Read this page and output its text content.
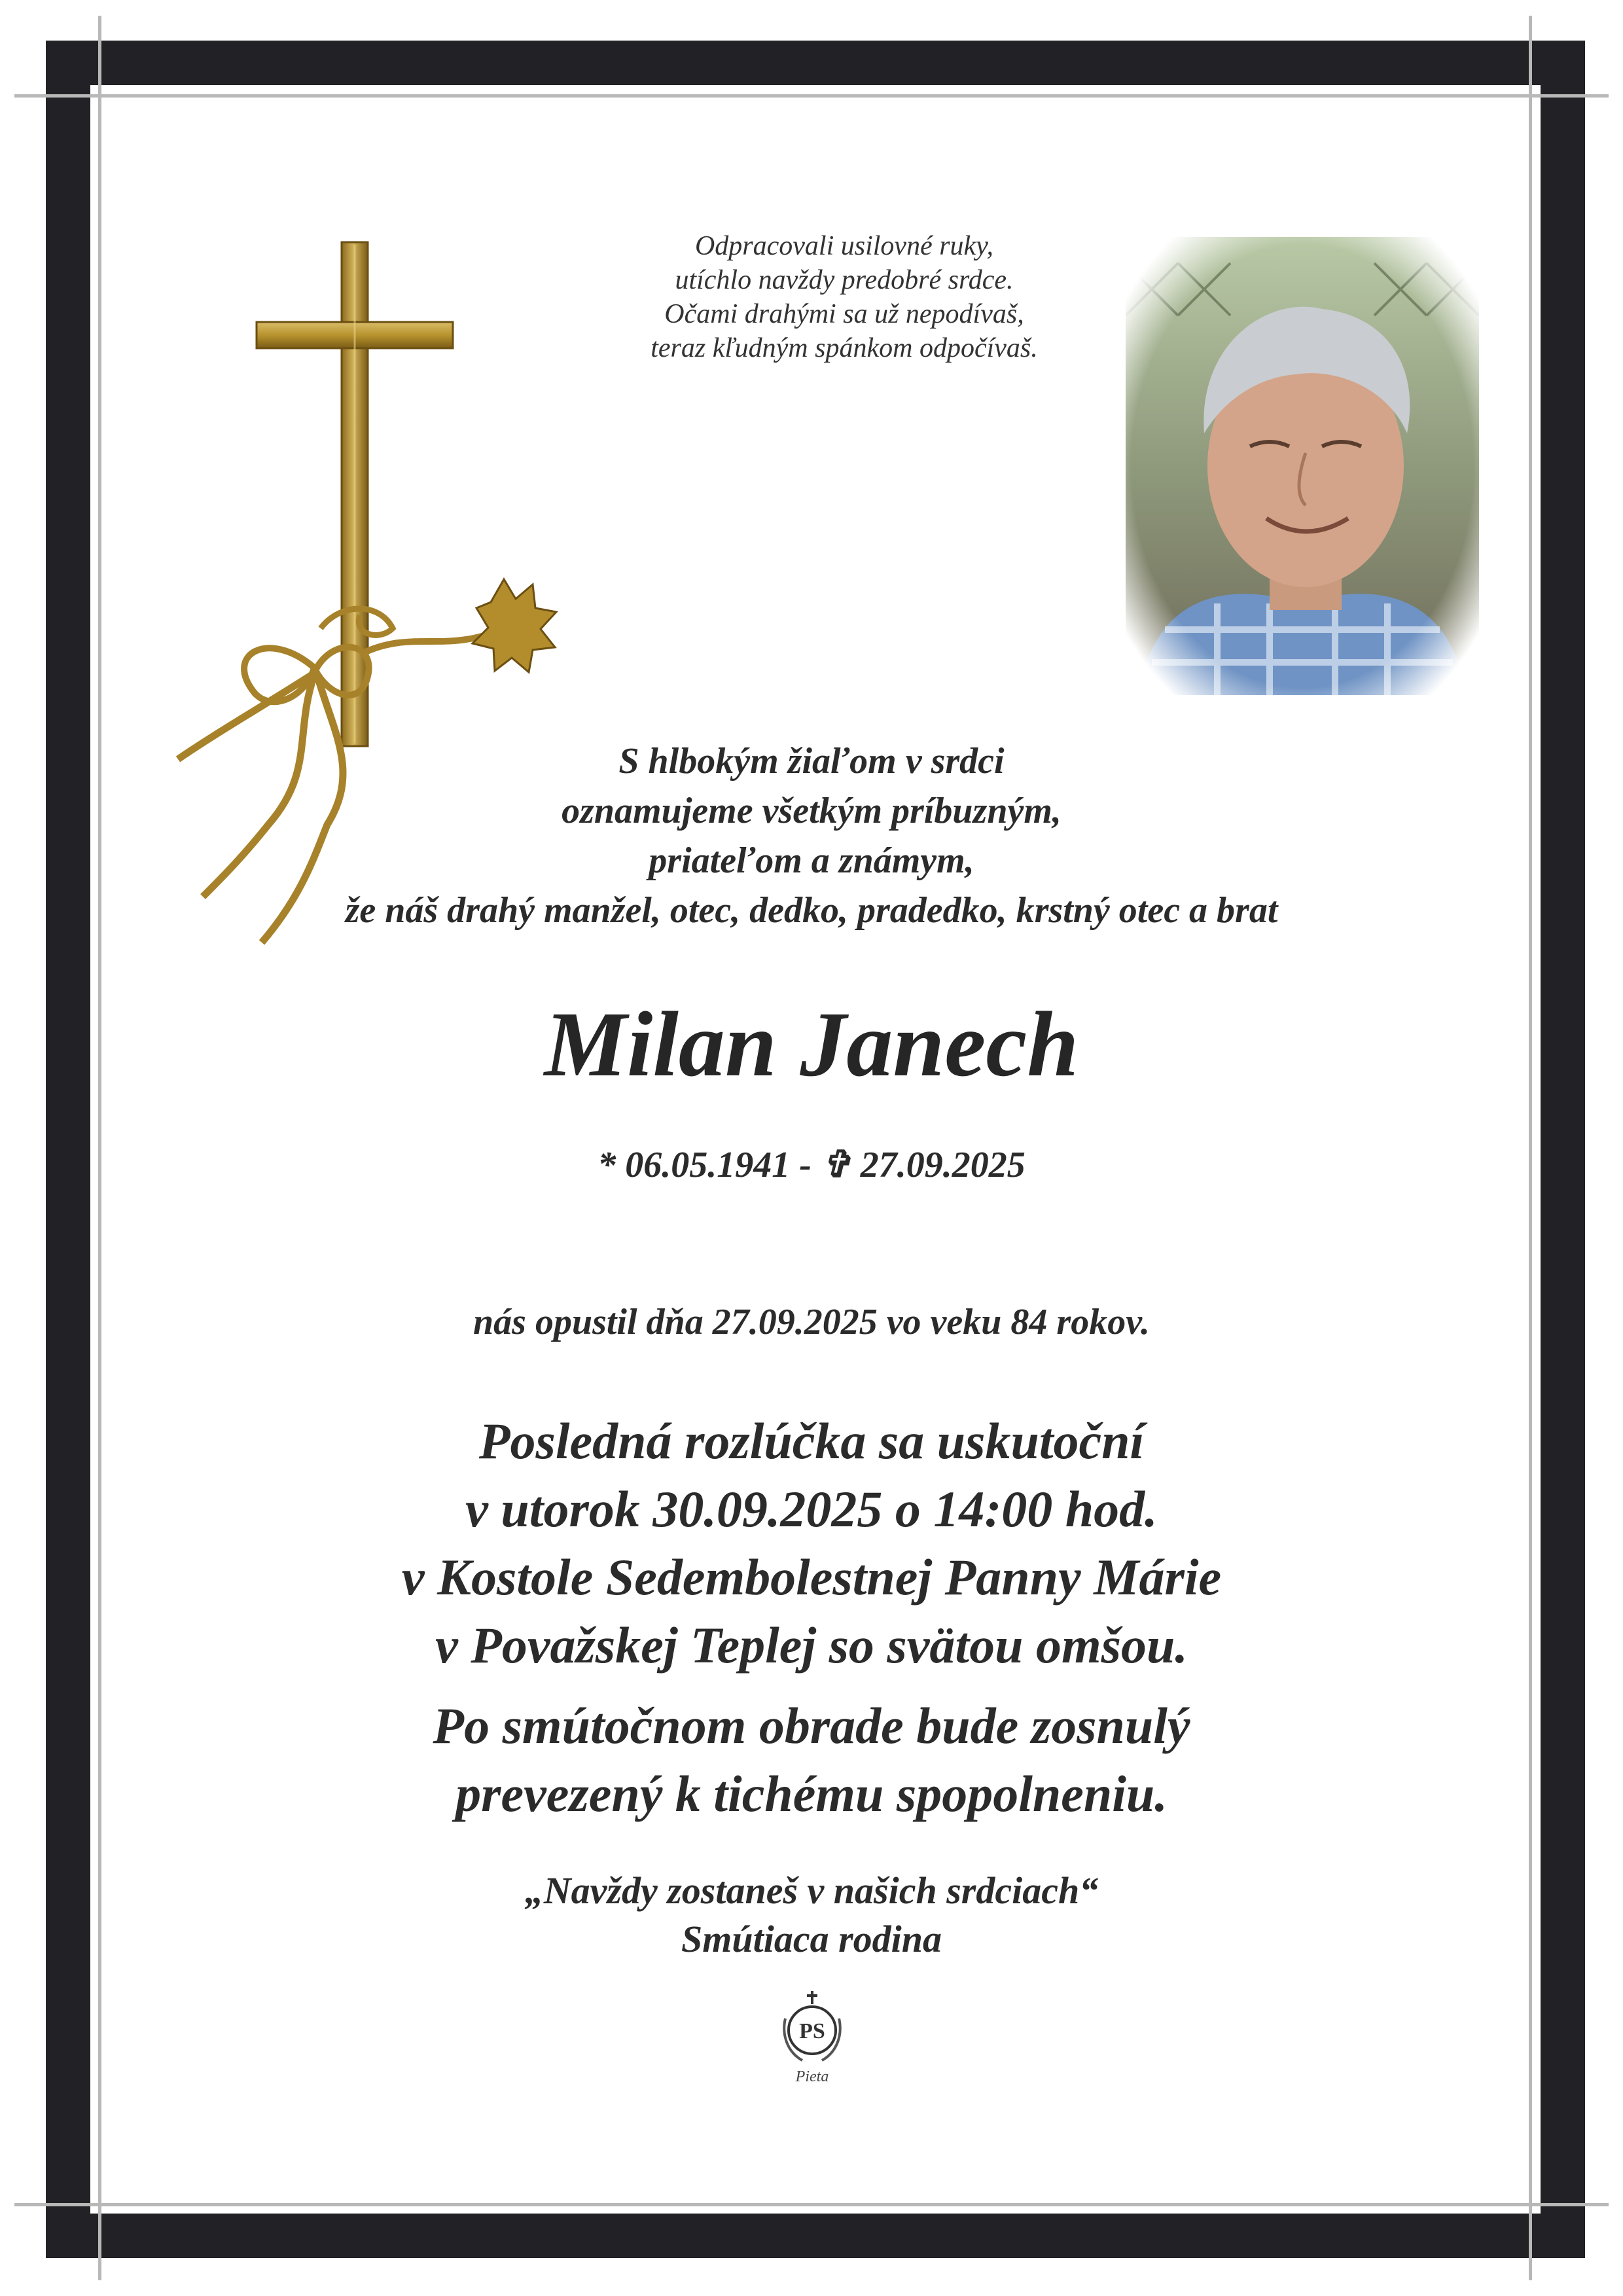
Odpracovali usilovné ruky,
utíchlo navždy predobré srdce.
Očami drahými sa už nepodívaš,
teraz kľudným spánkom odpočívaš.
S hlbokým žiaľom v srdci
oznamujeme všetkým príbuzným,
priateľom a známym,
že náš drahý manžel, otec, dedko, pradedko, krstný otec a brat
Milan Janech
* 06.05.1941 - ✞ 27.09.2025
nás opustil dňa 27.09.2025 vo veku 84 rokov.
Posledná rozlúčka sa uskutoční
v utorok 30.09.2025 o 14:00 hod.
v Kostole Sedembolestnej Panny Márie
v Považskej Teplej so svätou omšou.
Po smútočnom obrade bude zosnulý
prevezený k tichému spopolneniu.
„Navždy zostaneš v našich srdciach“
Smútiaca rodina
PS
Pieta
